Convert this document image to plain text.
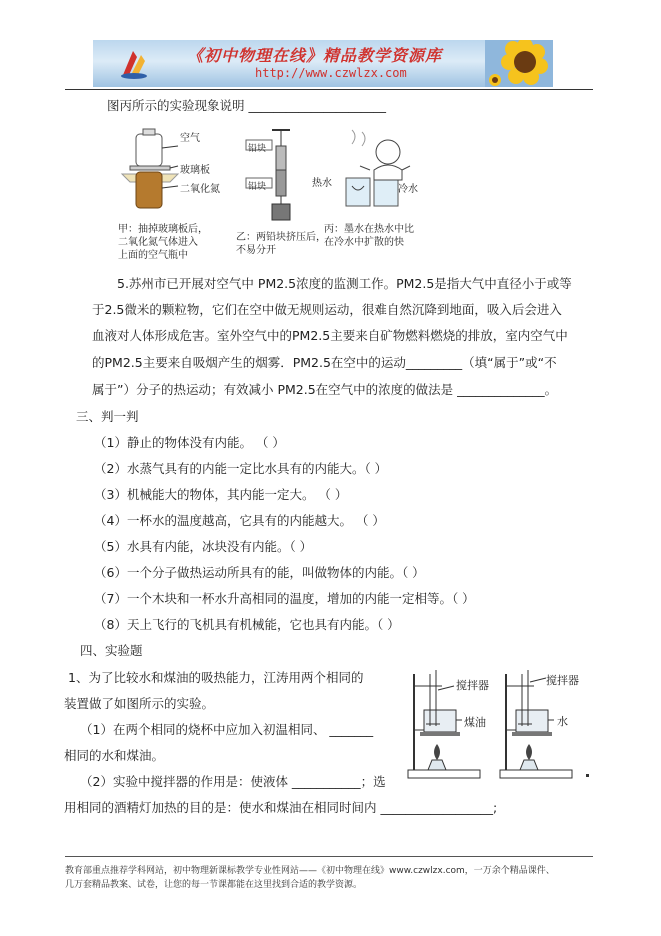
《初中物理在线》精品教学资源库
http://www.czwlzx.com
图丙所示的实验现象说明 ______________________
空气
玻璃板
二氧化氮
铅块
铅块	热水
冷水
甲：抽掉玻璃板后，
二氧化氮气体进入
上面的空气瓶中
乙：两铅块挤压后，
不易分开
丙：墨水在热水中比
在冷水中扩散的快
5.苏州市已开展对空气中 PM2.5浓度的监测工作。PM2.5是指大气中直径小于或等
于2.5微米的颗粒物，它们在空中做无规则运动，很难自然沉降到地面，吸入后会进入
血液对人体形成危害。室外空气中的PM2.5主要来自矿物燃料燃烧的排放，室内空气中
的PM2.5主要来自吸烟产生的烟雾．PM2.5在空中的运动_________（填“属于”或“不
属于”）分子的热运动；有效减小 PM2.5在空气中的浓度的做法是 ______________。
三、判一判
（1）静止的物体没有内能。 （ ）
（2）水蒸气具有的内能一定比水具有的内能大。（ ）
（3）机械能大的物体，其内能一定大。 （ ）
（4）一杯水的温度越高，它具有的内能越大。 （ ）
（5）水具有内能，冰块没有内能。（ ）
（6）一个分子做热运动所具有的能，叫做物体的内能。（ ）
（7）一个木块和一杯水升高相同的温度，增加的内能一定相等。（ ）
（8）天上飞行的飞机具有机械能，它也具有内能。（ ）
四、实验题
1、为了比较水和煤油的吸热能力，江涛用两个相同的
装置做了如图所示的实验。
（1）在两个相同的烧杯中应加入初温相同、 _______
相同的水和煤油。
（2）实验中搅拌器的作用是：使液体 ___________；选
用相同的酒精灯加热的目的是：使水和煤油在相同时间内 __________________;
搅拌器
煤油
搅拌器
水
教育部重点推荐学科网站，初中物理新课标教学专业性网站——《初中物理在线》www.czwlzx.com，一万余个精品课件、
几万套精品教案、试卷，让您的每一节课都能在这里找到合适的教学资源。
